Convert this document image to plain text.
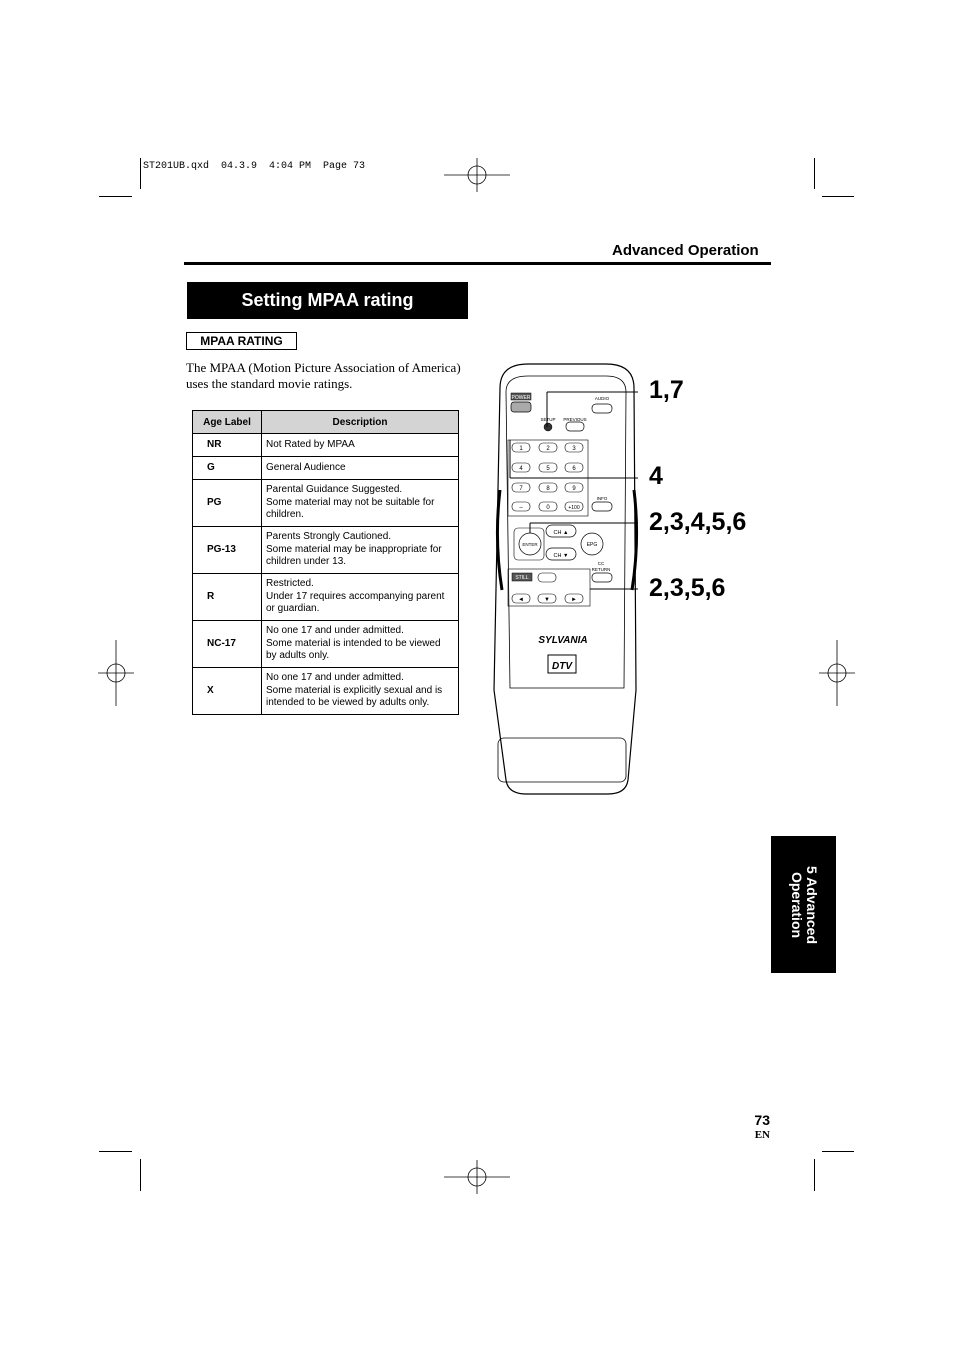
ST201UB.qxd  04.3.9  4:04 PM  Page 73
Advanced Operation
Setting MPAA rating
MPAA RATING
The MPAA (Motion Picture Association of America) uses the standard movie ratings.
Age Label	Description
NR	Not Rated by MPAA

G	General Audience

PG	Parental Guidance Suggested.
Some material may not be suitable for
children.

PG-13	Parents Strongly Cautioned.
Some material may be inappropriate for
children under 13.

R	Restricted.
Under 17 requires accompanying parent
or guardian.

NC-17	No one 17 and under admitted.
Some material is intended to be viewed
by adults only.

X	No one 17 and under admitted.
Some material is explicitly sexual and is
intended to be viewed by adults only.
POWER
SETUP PREVIOUS
AUDIO
1	2	3
4	5	6
7	8	9
–	0	+100
INFO
ENTER
CH ▲
CH ▼
EPG
CC
RETURN
STILL
◄	▼	►
SYLVANIA
DTV
1,7
4
2,3,4,5,6
2,3,5,6
5 Advanced
Operation
73
EN
